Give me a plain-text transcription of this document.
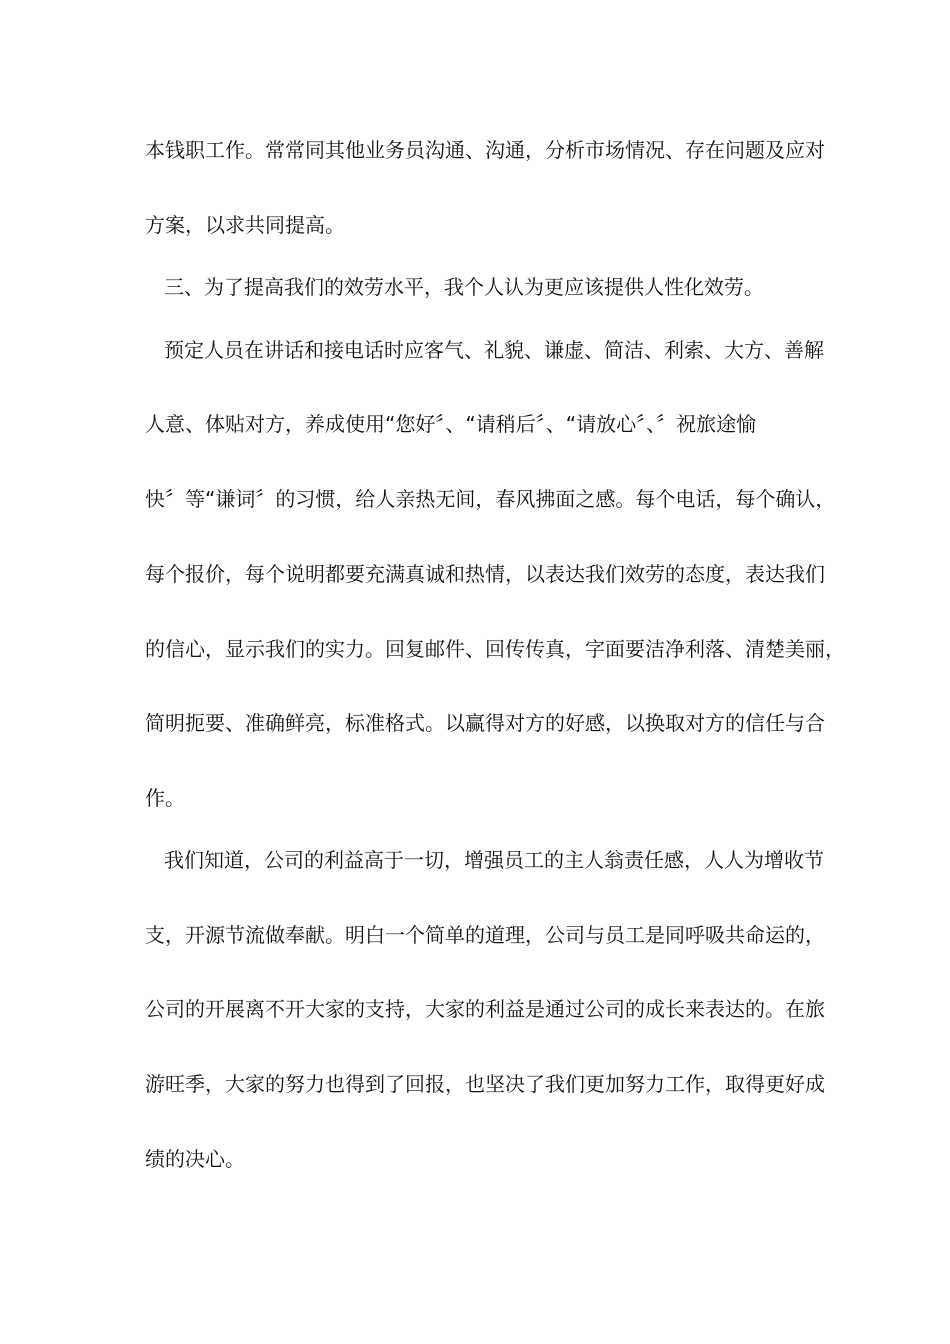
本钱职工作。常常同其他业务员沟通、沟通，分析市场情况、存在问题及应对
方案，以求共同提高。
三、为了提高我们的效劳水平，我个人认为更应该提供人性化效劳。
预定人员在讲话和接电话时应客气、礼貌、谦虚、简洁、利索、大方、善解
人意、体贴对方，养成使用“您好〞、“请稍后〞、“请放心〞、〞祝旅途愉
快〞等“谦词〞的习惯，给人亲热无间，春风拂面之感。每个电话，每个确认，
每个报价，每个说明都要充满真诚和热情，以表达我们效劳的态度，表达我们
的信心，显示我们的实力。回复邮件、回传传真，字面要洁净利落、清楚美丽，
简明扼要、准确鲜亮，标准格式。以赢得对方的好感，以换取对方的信任与合
作。
我们知道，公司的利益高于一切，增强员工的主人翁责任感，人人为增收节
支，开源节流做奉献。明白一个简单的道理，公司与员工是同呼吸共命运的，
公司的开展离不开大家的支持，大家的利益是通过公司的成长来表达的。在旅
游旺季，大家的努力也得到了回报，也坚决了我们更加努力工作，取得更好成
绩的决心。
